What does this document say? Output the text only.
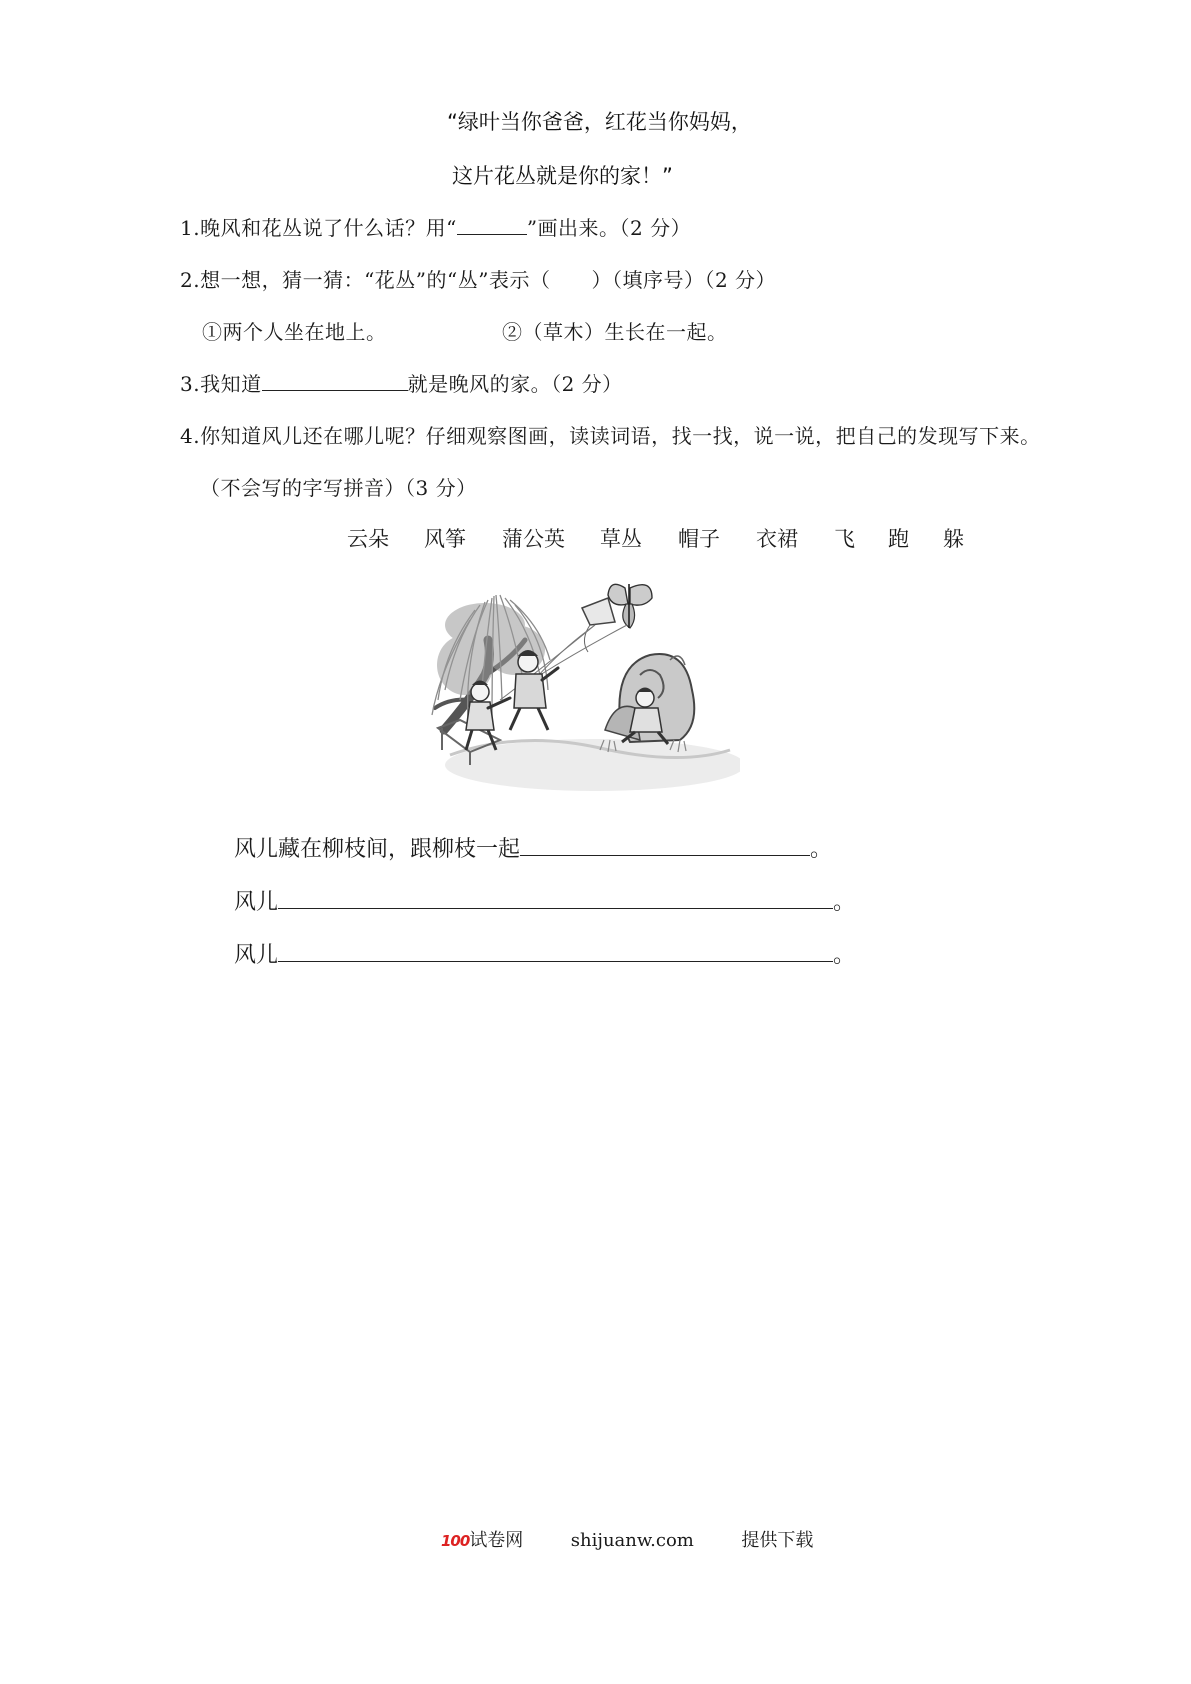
“绿叶当你爸爸，红花当你妈妈，
这片花丛就是你的家！”
1.晚风和花丛说了什么话？用“	”画出来。（2 分）
2.想一想，猜一猜：“花丛”的“丛”表示（　　）（填序号）（2 分）
①两个人坐在地上。	②（草木）生长在一起。
3.我知道	就是晚风的家。（2 分）
4.你知道风儿还在哪儿呢？仔细观察图画，读读词语，找一找，说一说，把自己的发现写下来。
（不会写的字写拼音）（3 分）
云朵 风筝 蒲公英 草丛 帽子 衣裙 飞 跑 躲
风儿藏在柳枝间，跟柳枝一起	。
风儿	。
风儿	。
100试卷网	shijuanw.com	提供下载
